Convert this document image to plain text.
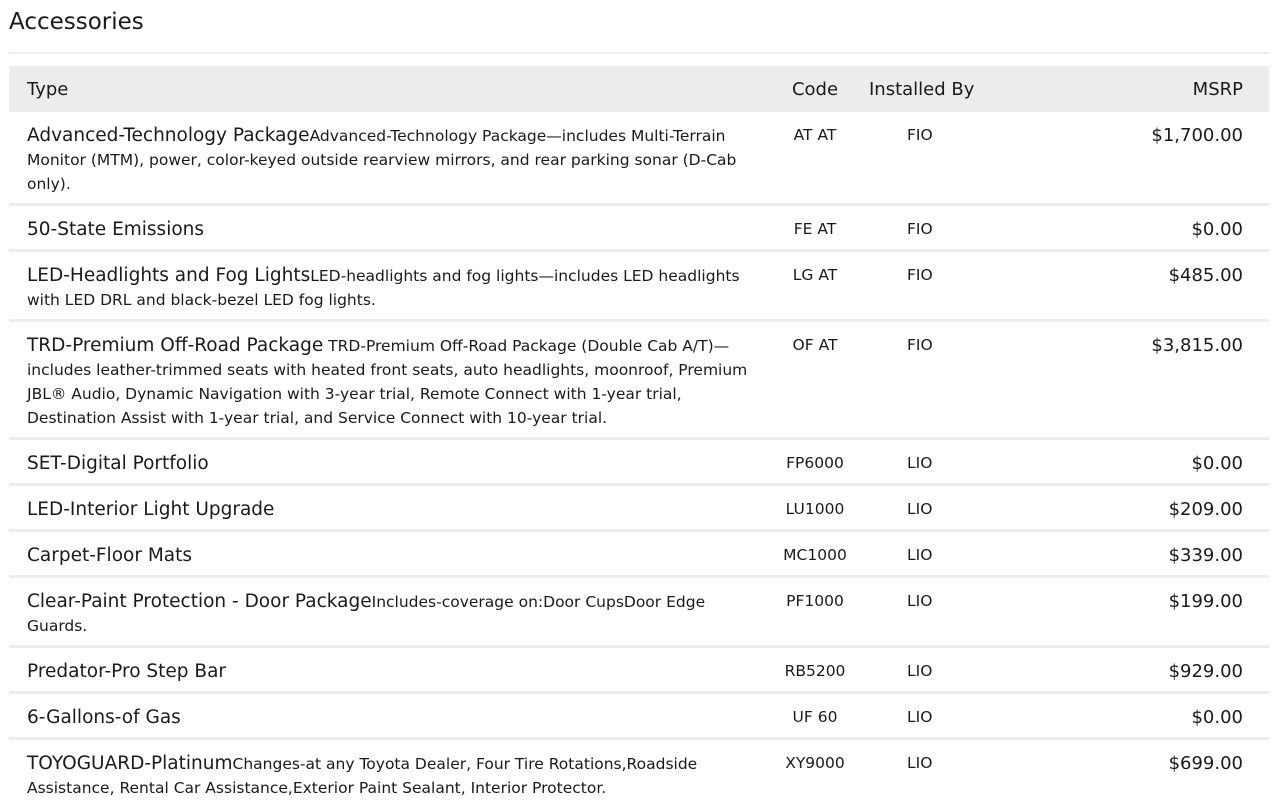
Accessories
Type	Code	Installed By	MSRP
Advanced-Technology PackageAdvanced-Technology Package—includes Multi-Terrain Monitor (MTM), power, color-keyed outside rearview mirrors, and rear parking sonar (D-Cab only).	AT AT	FIO	$1,700.00
50-State Emissions	FE AT	FIO	$0.00
LED-Headlights and Fog LightsLED-headlights and fog lights—includes LED headlights with LED DRL and black-bezel LED fog lights.	LG AT	FIO	$485.00
TRD-Premium Off-Road Package TRD-Premium Off-Road Package (Double Cab A/T)—includes leather-trimmed seats with heated front seats, auto headlights, moonroof, Premium JBL® Audio, Dynamic Navigation with 3-year trial, Remote Connect with 1-year trial, Destination Assist with 1-year trial, and Service Connect with 10-year trial.	OF AT	FIO	$3,815.00
SET-Digital Portfolio	FP6000	LIO	$0.00
LED-Interior Light Upgrade	LU1000	LIO	$209.00
Carpet-Floor Mats	MC1000	LIO	$339.00
Clear-Paint Protection - Door PackageIncludes-coverage on:Door CupsDoor Edge Guards.	PF1000	LIO	$199.00
Predator-Pro Step Bar	RB5200	LIO	$929.00
6-Gallons-of Gas	UF 60	LIO	$0.00
TOYOGUARD-PlatinumChanges-at any Toyota Dealer, Four Tire Rotations,Roadside Assistance, Rental Car Assistance,Exterior Paint Sealant, Interior Protector.	XY9000	LIO	$699.00
